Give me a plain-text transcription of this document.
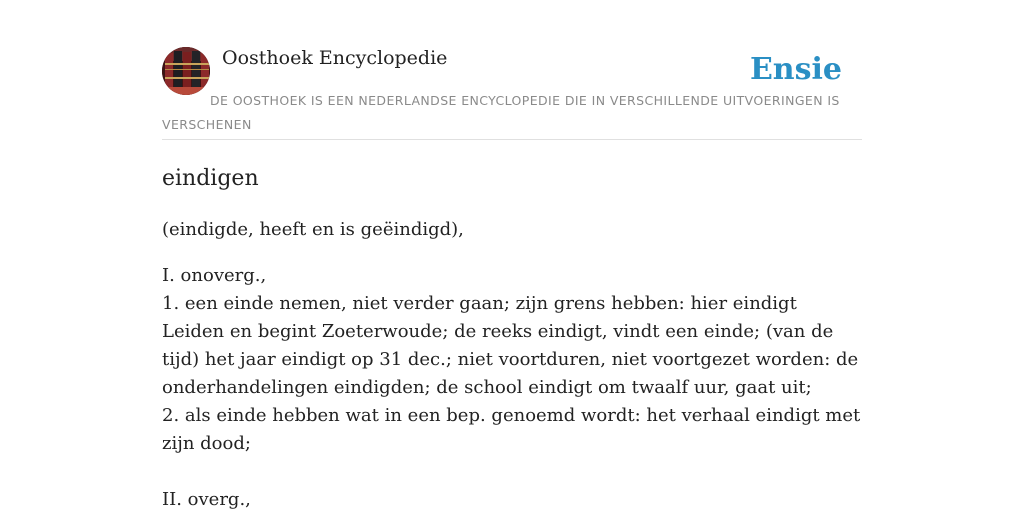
Oosthoek Encyclopedie	Ensie

DE OOSTHOEK IS EEN NEDERLANDSE ENCYCLOPEDIE DIE IN VERSCHILLENDE UITVOERINGEN IS VERSCHENEN

eindigen

(eindigde, heeft en is geëindigd),

I. onoverg.,
1. een einde nemen, niet verder gaan; zijn grens hebben: hier eindigt Leiden en begint Zoeterwoude; de reeks eindigt, vindt een einde; (van de tijd) het jaar eindigt op 31 dec.; niet voortduren, niet voortgezet worden: de onderhandelingen eindigden; de school eindigt om twaalf uur, gaat uit;
2. als einde hebben wat in een bep. genoemd wordt: het verhaal eindigt met zijn dood;
II. overg.,
